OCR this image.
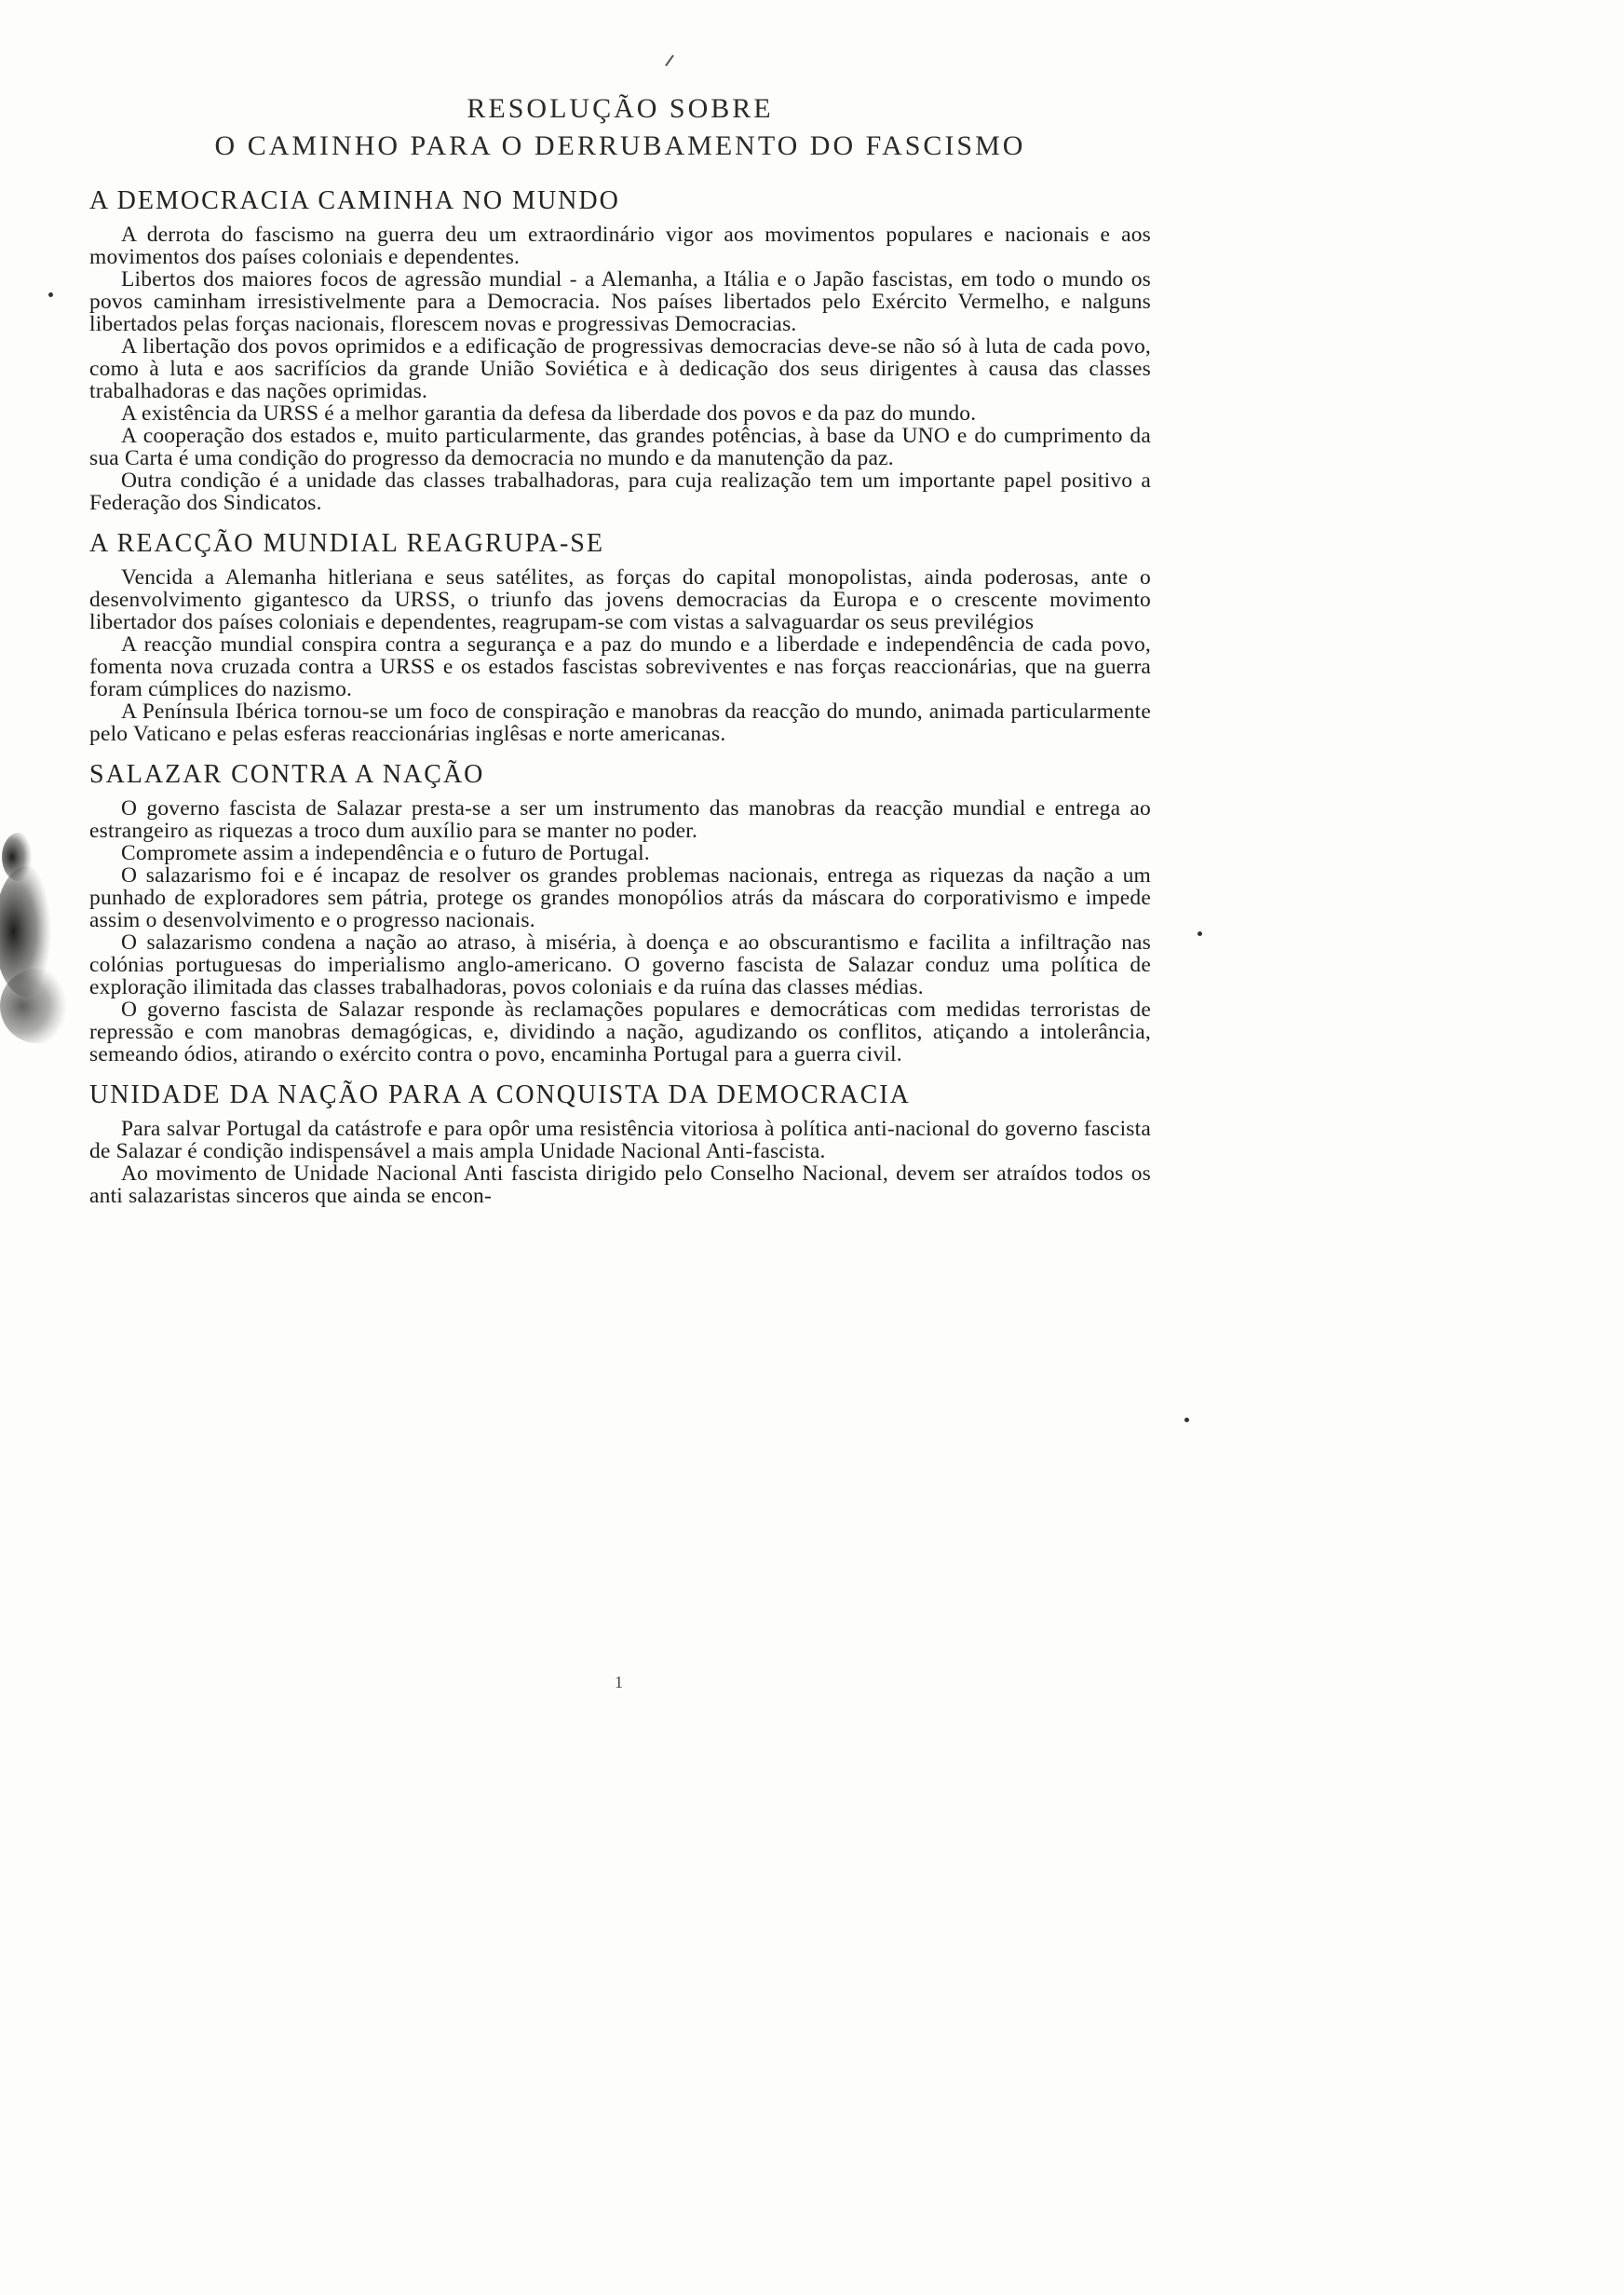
RESOLUÇÃO SOBRE
O CAMINHO PARA O DERRUBAMENTO DO FASCISMO
A DEMOCRACIA CAMINHA NO MUNDO

A derrota do fascismo na guerra deu um extraordinário vigor aos movimentos populares e nacionais e aos movimentos dos países coloniais e dependentes.

Libertos dos maiores focos de agressão mundial - a Alemanha, a Itália e o Japão fascistas, em todo o mundo os povos caminham irresistivelmente para a Democracia. Nos países libertados pelo Exército Vermelho, e nalguns libertados pelas forças nacionais, florescem novas e progressivas Democracias.

A libertação dos povos oprimidos e a edificação de progressivas democracias deve-se não só à luta de cada povo, como à luta e aos sacrifícios da grande União Soviética e à dedicação dos seus dirigentes à causa das classes trabalhadoras e das nações oprimidas.

A existência da URSS é a melhor garantia da defesa da liberdade dos povos e da paz do mundo.

A cooperação dos estados e, muito particularmente, das grandes potências, à base da UNO e do cumprimento da sua Carta é uma condição do progresso da democracia no mundo e da manutenção da paz.

Outra condição é a unidade das classes trabalhadoras, para cuja realização tem um importante papel positivo a Federação dos Sindicatos.

A REACÇÃO MUNDIAL REAGRUPA-SE

Vencida a Alemanha hitleriana e seus satélites, as forças do capital monopolistas, ainda poderosas, ante o desenvolvimento gigantesco da URSS, o triunfo das jovens democracias da Europa e o crescente movimento libertador dos países coloniais e dependentes, reagrupam-se com vistas a salvaguardar os seus previlégios

A reacção mundial conspira contra a segurança e a paz do mundo e a liberdade e independência de cada povo, fomenta nova cruzada contra a URSS e os estados fascistas sobreviventes e nas forças reaccionárias, que na guerra foram cúmplices do nazismo.

A Península Ibérica tornou-se um foco de conspiração e manobras da reacção do mundo, animada particularmente pelo Vaticano e pelas esferas reaccionárias inglêsas e norte americanas.

SALAZAR CONTRA A NAÇÃO

O governo fascista de Salazar presta-se a ser um instrumento das manobras da reacção mundial e entrega ao estrangeiro as riquezas a troco dum auxílio para se manter no poder.

Compromete assim a independência e o futuro de Portugal.

O salazarismo foi e é incapaz de resolver os grandes problemas nacionais, entrega as riquezas da nação a um punhado de exploradores sem pátria, protege os grandes monopólios atrás da máscara do corporativismo e impede assim o desenvolvimento e o progresso nacionais.

O salazarismo condena a nação ao atraso, à miséria, à doença e ao obscurantismo e facilita a infiltração nas colónias portuguesas do imperialismo anglo-americano. O governo fascista de Salazar conduz uma política de exploração ilimitada das classes trabalhadoras, povos coloniais e da ruína das classes médias.

O governo fascista de Salazar responde às reclamações populares e democráticas com medidas terroristas de repressão e com manobras demagógicas, e, dividindo a nação, agudizando os conflitos, atiçando a intolerância, semeando ódios, atirando o exército contra o povo, encaminha Portugal para a guerra civil.

UNIDADE DA NAÇÃO PARA A CONQUISTA DA DEMOCRACIA

Para salvar Portugal da catástrofe e para opôr uma resistência vitoriosa à política anti-nacional do governo fascista de Salazar é condição indispensável a mais ampla Unidade Nacional Anti-fascista.

Ao movimento de Unidade Nacional Anti fascista dirigido pelo Conselho Nacional, devem ser atraídos todos os anti salazaristas sinceros que ainda se encon-

1
